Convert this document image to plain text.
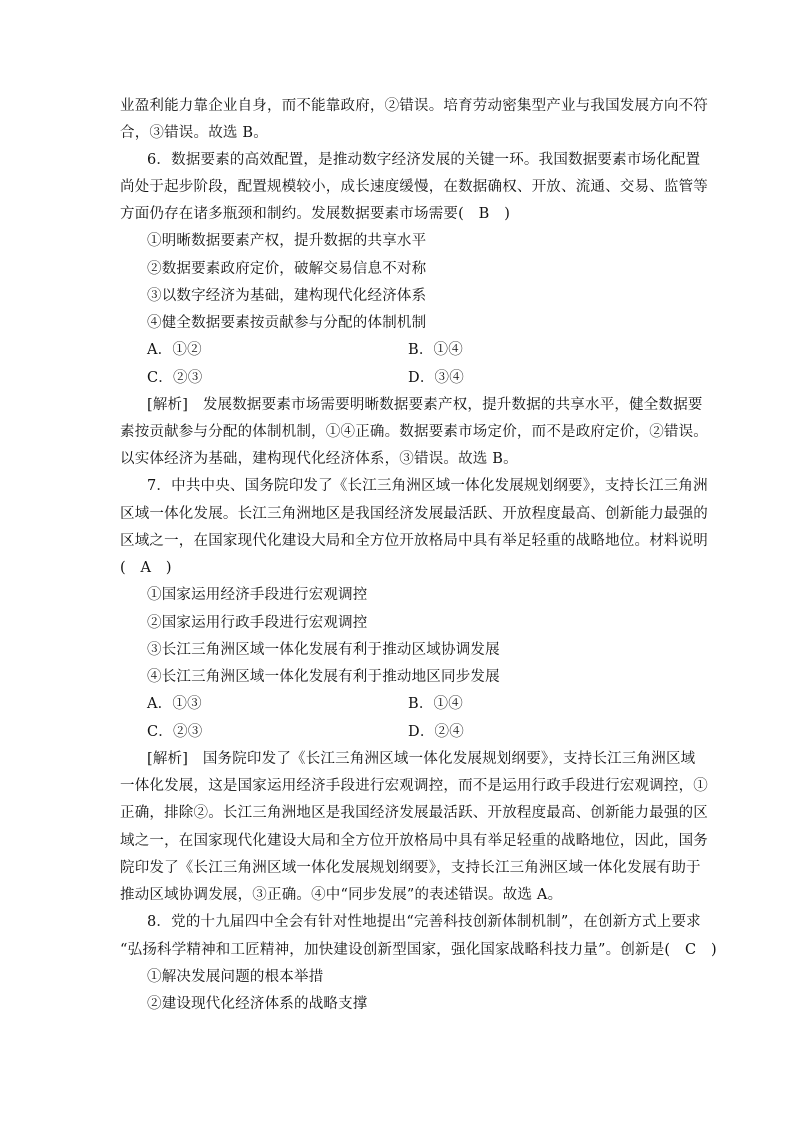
业盈利能力靠企业自身，而不能靠政府，②错误。培育劳动密集型产业与我国发展方向不符
合，③错误。故选 B。
6．数据要素的高效配置，是推动数字经济发展的关键一环。我国数据要素市场化配置
尚处于起步阶段，配置规模较小，成长速度缓慢，在数据确权、开放、流通、交易、监管等
方面仍存在诸多瓶颈和制约。发展数据要素市场需要(　B　)
①明晰数据要素产权，提升数据的共享水平
②数据要素政府定价，破解交易信息不对称
③以数字经济为基础，建构现代化经济体系
④健全数据要素按贡献参与分配的体制机制
A．①②	B．①④
C．②③	D．③④
[解析]　发展数据要素市场需要明晰数据要素产权，提升数据的共享水平，健全数据要
素按贡献参与分配的体制机制，①④正确。数据要素市场定价，而不是政府定价，②错误。
以实体经济为基础，建构现代化经济体系，③错误。故选 B。
7．中共中央、国务院印发了《长江三角洲区域一体化发展规划纲要》，支持长江三角洲
区域一体化发展。长江三角洲地区是我国经济发展最活跃、开放程度最高、创新能力最强的
区域之一，在国家现代化建设大局和全方位开放格局中具有举足轻重的战略地位。材料说明
(　A　)
①国家运用经济手段进行宏观调控
②国家运用行政手段进行宏观调控
③长江三角洲区域一体化发展有利于推动区域协调发展
④长江三角洲区域一体化发展有利于推动地区同步发展
A．①③	B．①④
C．②③	D．②④
[解析]　国务院印发了《长江三角洲区域一体化发展规划纲要》，支持长江三角洲区域
一体化发展，这是国家运用经济手段进行宏观调控，而不是运用行政手段进行宏观调控，①
正确，排除②。长江三角洲地区是我国经济发展最活跃、开放程度最高、创新能力最强的区
域之一，在国家现代化建设大局和全方位开放格局中具有举足轻重的战略地位，因此，国务
院印发了《长江三角洲区域一体化发展规划纲要》，支持长江三角洲区域一体化发展有助于
推动区域协调发展，③正确。④中“同步发展”的表述错误。故选 A。
8．党的十九届四中全会有针对性地提出“完善科技创新体制机制”，在创新方式上要求
“弘扬科学精神和工匠精神，加快建设创新型国家，强化国家战略科技力量”。创新是(　C　)
①解决发展问题的根本举措
②建设现代化经济体系的战略支撑
